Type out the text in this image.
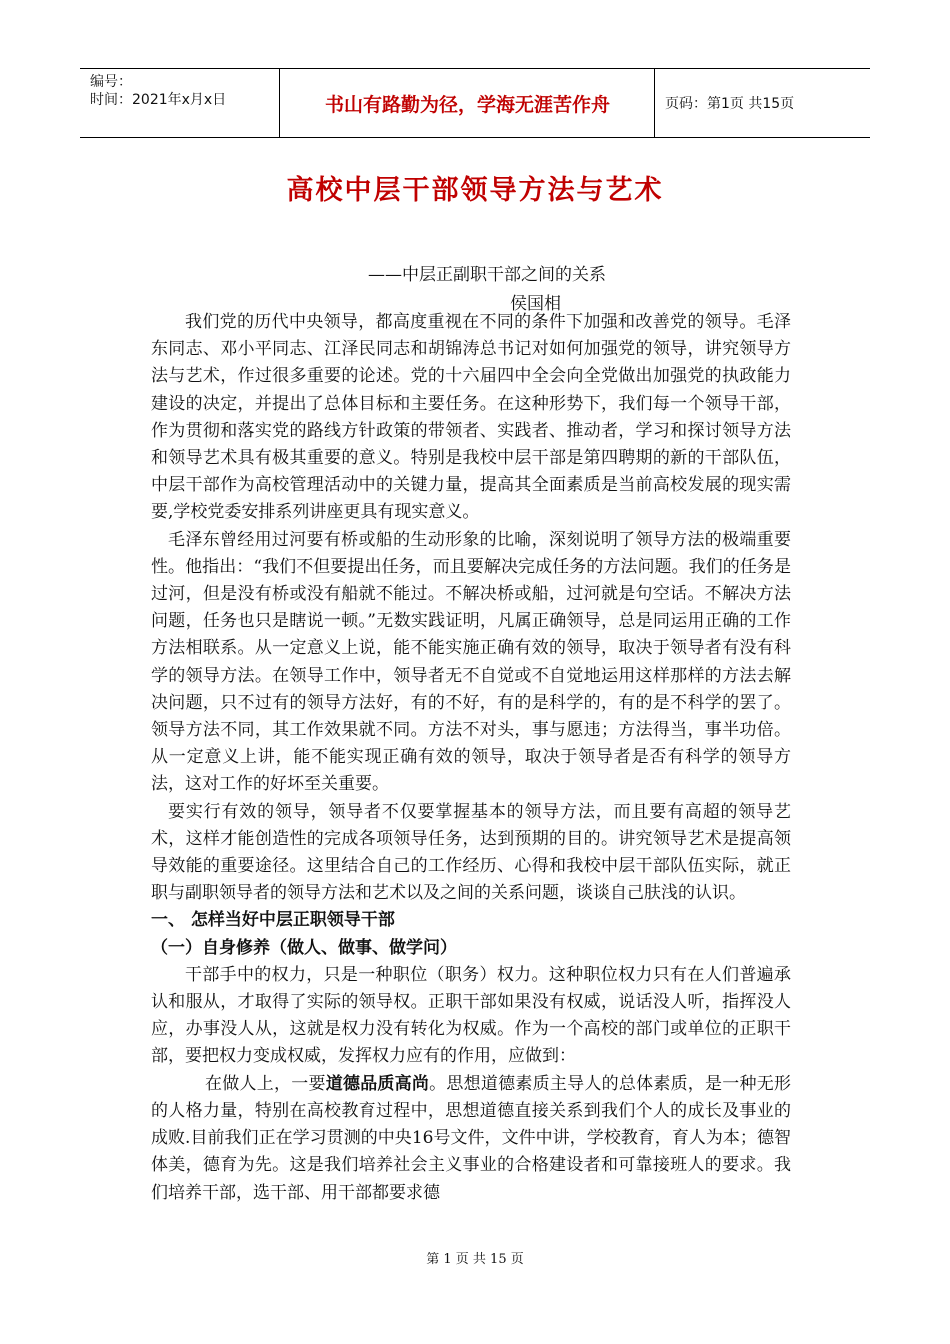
编号：
时间：2021年x月x日	书山有路勤为径，学海无涯苦作舟	页码：第1页 共15页
高校中层干部领导方法与艺术
——中层正副职干部之间的关系
侯国相

我们党的历代中央领导，都高度重视在不同的条件下加强和改善党的领导。毛泽东同志、邓小平同志、江泽民同志和胡锦涛总书记对如何加强党的领导，讲究领导方法与艺术，作过很多重要的论述。党的十六届四中全会向全党做出加强党的执政能力建设的决定，并提出了总体目标和主要任务。在这种形势下，我们每一个领导干部，作为贯彻和落实党的路线方针政策的带领者、实践者、推动者，学习和探讨领导方法和领导艺术具有极其重要的意义。特别是我校中层干部是第四聘期的新的干部队伍，中层干部作为高校管理活动中的关键力量，提高其全面素质是当前高校发展的现实需要,学校党委安排系列讲座更具有现实意义。

毛泽东曾经用过河要有桥或船的生动形象的比喻，深刻说明了领导方法的极端重要性。他指出：“我们不但要提出任务，而且要解决完成任务的方法问题。我们的任务是过河，但是没有桥或没有船就不能过。不解决桥或船，过河就是句空话。不解决方法问题，任务也只是瞎说一顿。”无数实践证明，凡属正确领导，总是同运用正确的工作方法相联系。从一定意义上说，能不能实施正确有效的领导，取决于领导者有没有科学的领导方法。在领导工作中，领导者无不自觉或不自觉地运用这样那样的方法去解决问题，只不过有的领导方法好，有的不好，有的是科学的，有的是不科学的罢了。领导方法不同，其工作效果就不同。方法不对头，事与愿违；方法得当，事半功倍。从一定意义上讲，能不能实现正确有效的领导，取决于领导者是否有科学的领导方法，这对工作的好坏至关重要。

要实行有效的领导，领导者不仅要掌握基本的领导方法，而且要有高超的领导艺术，这样才能创造性的完成各项领导任务，达到预期的目的。讲究领导艺术是提高领导效能的重要途径。这里结合自己的工作经历、心得和我校中层干部队伍实际，就正职与副职领导者的领导方法和艺术以及之间的关系问题，谈谈自己肤浅的认识。

一、 怎样当好中层正职领导干部

（一）自身修养（做人、做事、做学问）

干部手中的权力，只是一种职位（职务）权力。这种职位权力只有在人们普遍承认和服从，才取得了实际的领导权。正职干部如果没有权威，说话没人听，指挥没人应，办事没人从，这就是权力没有转化为权威。作为一个高校的部门或单位的正职干部，要把权力变成权威，发挥权力应有的作用，应做到：

在做人上，一要道德品质高尚。思想道德素质主导人的总体素质，是一种无形的人格力量，特别在高校教育过程中，思想道德直接关系到我们个人的成长及事业的成败.目前我们正在学习贯测的中央16号文件，文件中讲，学校教育，育人为本；德智体美，德育为先。这是我们培养社会主义事业的合格建设者和可靠接班人的要求。我们培养干部，选干部、用干部都要求德

第 1 页 共 15 页
